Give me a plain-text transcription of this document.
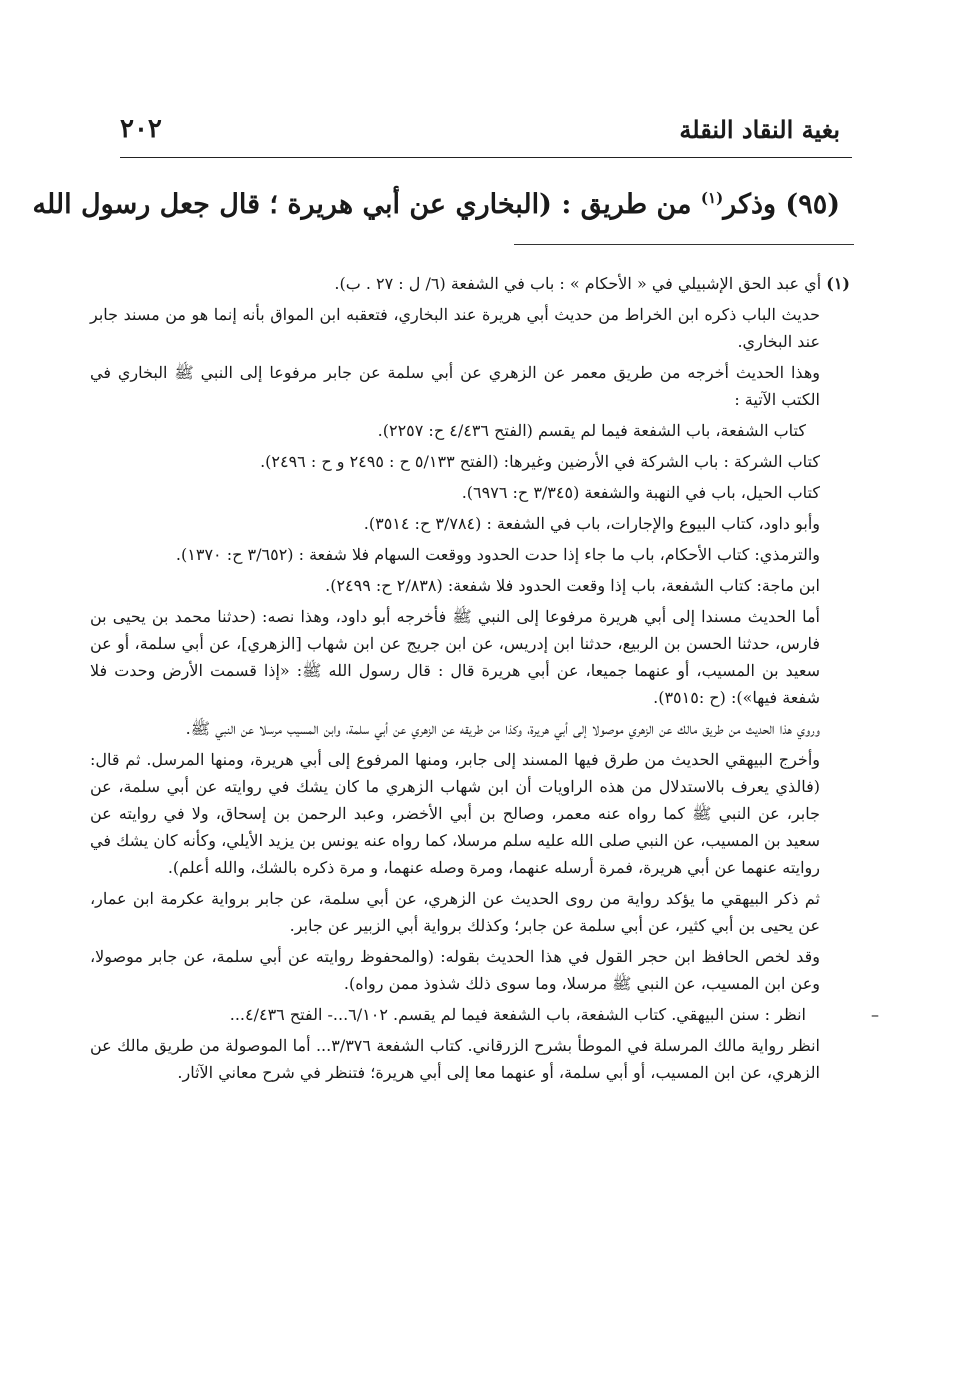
بغية النقاد النقلة
٢٠٢
(٩٥) وذكر$^{(١)}$ من طريق : (البخاري عن أبي هريرة ؛ قال جعل رسول الله

(١) أي عبد الحق الإشبيلي في « الأحكام » : باب في الشفعة (٦/ ل : ٢٧ . ب).

حديث الباب ذكره ابن الخراط من حديث أبي هريرة عند البخاري، فتعقبه ابن المواق بأنه إنما هو من مسند جابر عند البخاري.

وهذا الحديث أخرجه من طريق معمر عن الزهري عن أبي سلمة عن جابر مرفوعا إلى النبي ﷺ البخاري في الكتب الآتية :

كتاب الشفعة، باب الشفعة فيما لم يقسم (الفتح ٤/٤٣٦ ح: ٢٢٥٧).

كتاب الشركة : باب الشركة في الأرضين وغيرها: (الفتح ٥/١٣٣ ح : ٢٤٩٥ و ح : ٢٤٩٦).

كتاب الحيل، باب في النهبة والشفعة (٣/٣٤٥ ح: ٦٩٧٦).

وأبو داود، كتاب البيوع والإجارات، باب في الشفعة : (٣/٧٨٤ ح: ٣٥١٤).

والترمذي: كتاب الأحكام، باب ما جاء إذا حدت الحدود ووقعت السهام فلا شفعة : (٣/٦٥٢ ح: ١٣٧٠).

ابن ماجة: كتاب الشفعة، باب إذا وقعت الحدود فلا شفعة: (٢/٨٣٨ ح: ٢٤٩٩).

أما الحديث مسندا إلى أبي هريرة مرفوعا إلى النبي ﷺ فأخرجه أبو داود، وهذا نصه: (حدثنا محمد بن يحيى بن فارس، حدثنا الحسن بن الربيع، حدثنا ابن إدريس، عن ابن جريج عن ابن شهاب [الزهري]، عن أبي سلمة، أو عن سعيد بن المسيب، أو عنهما جميعا، عن أبي هريرة قال : قال رسول الله ﷺ: «إذا قسمت الأرض وحدت فلا شفعة فيها»): (ح :٣٥١٥).

وروي هذا الحديث من طريق مالك عن الزهري موصولا إلى أبي هريرة، وكذا من طريقه عن الزهري عن أبي سلمة، وابن المسيب مرسلا عن النبي ﷺ.

وأخرج البيهقي الحديث من طرق فيها المسند إلى جابر، ومنها المرفوع إلى أبي هريرة، ومنها المرسل. ثم قال: (فالذي يعرف بالاستدلال من هذه الراويات أن ابن شهاب الزهري ما كان يشك في روايته عن أبي سلمة، عن جابر، عن النبي ﷺ كما رواه عنه معمر، وصالح بن أبي الأخضر، وعبد الرحمن بن إسحاق، ولا في روايته عن سعيد بن المسيب، عن النبي صلى الله عليه سلم مرسلا، كما رواه عنه يونس بن يزيد الأيلي، وكأنه كان يشك في روايته عنهما عن أبي هريرة، فمرة أرسله عنهما، ومرة وصله عنهما، و مرة ذكره بالشك، والله أعلم).

ثم ذكر البيهقي ما يؤكد رواية من روى الحديث عن الزهري، عن أبي سلمة، عن جابر برواية عكرمة ابن عمار، عن يحيى بن أبي كثير، عن أبي سلمة عن جابر؛ وكذلك برواية أبي الزبير عن جابر.

وقد لخص الحافظ ابن حجر القول في هذا الحديث بقوله: (والمحفوظ روايته عن أبي سلمة، عن جابر موصولا، وعن ابن المسيب، عن النبي ﷺ مرسلا، وما سوى ذلك شذوذ ممن رواه).

–
انظر : سنن البيهقي. كتاب الشفعة، باب الشفعة فيما لم يقسم. ٦/١٠٢...- الفتح ٤/٤٣٦...

انظر رواية مالك المرسلة في الموطأ بشرح الزرقاني. كتاب الشفعة ٣/٣٧٦... أما الموصولة من طريق مالك عن الزهري، عن ابن المسيب، أو أبي سلمة، أو عنهما معا إلى أبي هريرة؛ فتنظر في شرح معاني الآثار.
